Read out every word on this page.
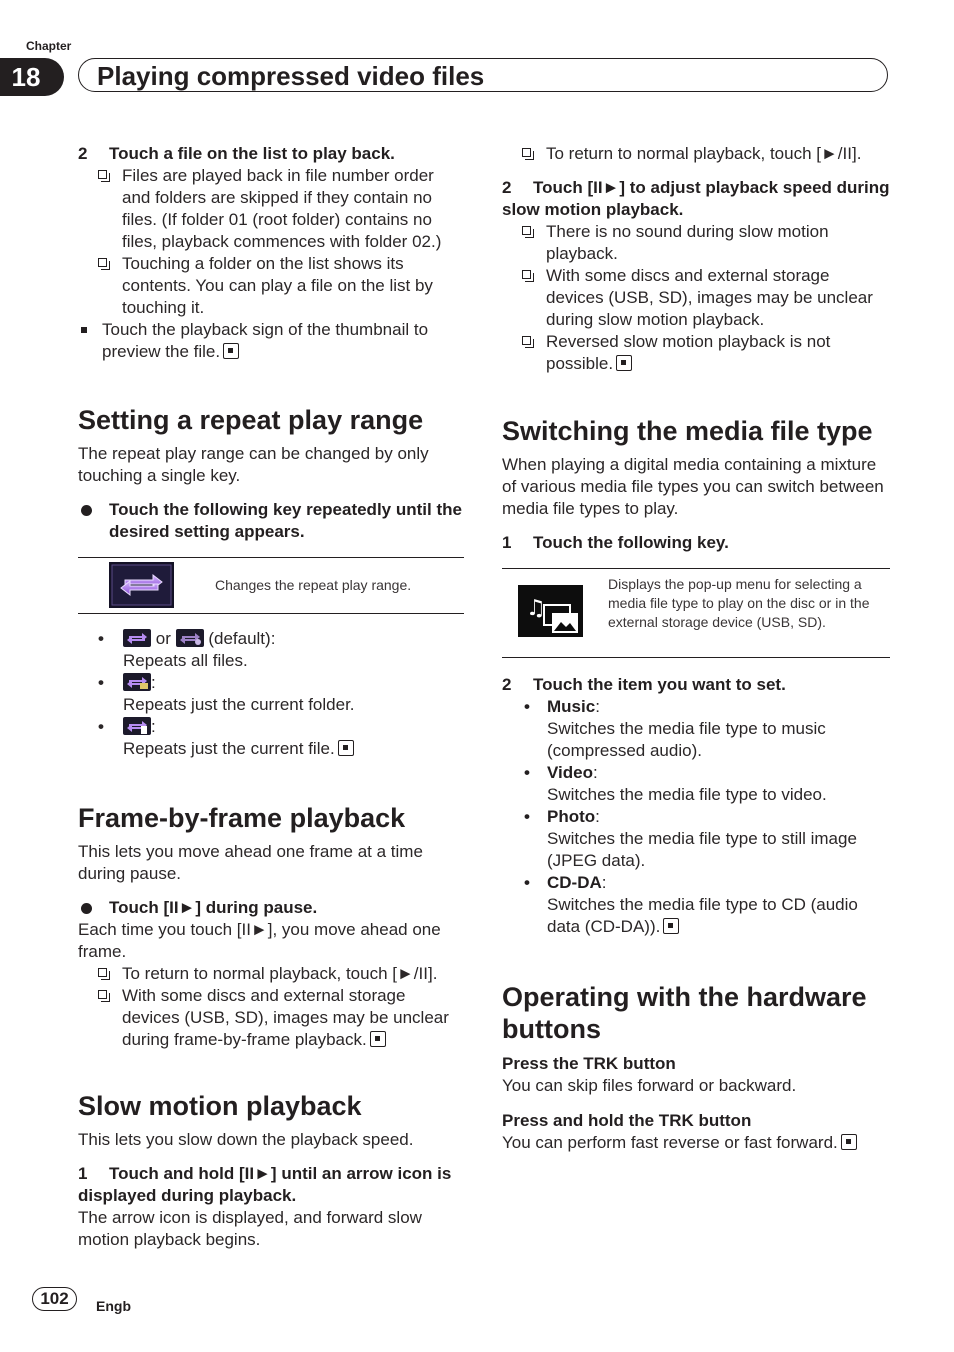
Chapter
18	Playing compressed video files

2 Touch a file on the list to play back.

Files are played back in file number order and folders are skipped if they contain no files. (If folder 01 (root folder) contains no files, playback commences with folder 02.)
Touching a folder on the list shows its contents. You can play a file on the list by touching it.
Touch the playback sign of the thumbnail to preview the file.
Setting a repeat play range

The repeat play range can be changed by only touching a single key.

Touch the following key repeatedly until the desired setting appears.
Changes the repeat play range.
•	or (default):
Repeats all files.
•	:
Repeats just the current folder.
•	:
Repeats just the current file.
Frame-by-frame playback

This lets you move ahead one frame at a time during pause.

Touch [II►] during pause.

Each time you touch [II►], you move ahead one frame.

To return to normal playback, touch [►/II].
With some discs and external storage devices (USB, SD), images may be unclear during frame-by-frame playback.
Slow motion playback

This lets you slow down the playback speed.

1 Touch and hold [II►] until an arrow icon is displayed during playback.

The arrow icon is displayed, and forward slow motion playback begins.

To return to normal playback, touch [►/II].

2 Touch [II►] to adjust playback speed during slow motion playback.

There is no sound during slow motion playback.
With some discs and external storage devices (USB, SD), images may be unclear during slow motion playback.
Reversed slow motion playback is not possible.
Switching the media file type

When playing a digital media containing a mixture of various media file types you can switch between media file types to play.

1 Touch the following key.

♫
Displays the pop-up menu for selecting a media file type to play on the disc or in the external storage device (USB, SD).

2 Touch the item you want to set.

• Music:
Switches the media file type to music (compressed audio).
• Video:
Switches the media file type to video.
• Photo:
Switches the media file type to still image (JPEG data).
• CD-DA:
Switches the media file type to CD (audio data (CD-DA)).
Operating with the hardware buttons

Press the TRK button

You can skip files forward or backward.

Press and hold the TRK button

You can perform fast reverse or fast forward.

102	Engb
